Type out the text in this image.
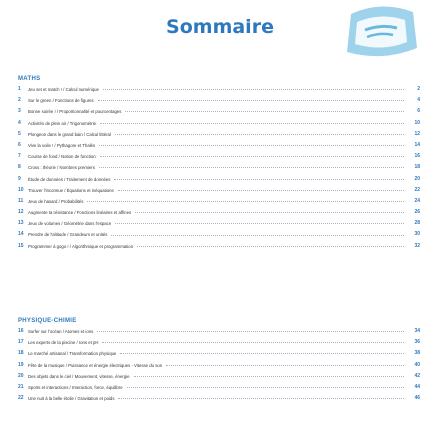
Sommaire
MATHS
1	Jeu set et match ! / Calcul numérique	2
2	Sur le green / Fonctions de figures	4
3	Bonne soirée ! / Proportionnalité et pourcentages	6
4	Activités de plein air / Trigonométrie	10
5	Plongeon dans le grand bain / Calcul littéral	12
6	Vive la voile ! / Pythagore et Thalès	14
7	Course de fond / Notion de fonction	16
8	Cross : théorie / Nombres premiers	18
9	Étude de données / Traitement de données	20
10	Trouver l'inconnue / Équations et inéquations	22
11	Jeux de hasard / Probabilités	24
12	Augmente ta résistance / Fonctions linéaires et affines	26
13	Jeux de volumes / Géométrie dans l'espace	28
14	Prendre de l'altitude / Grandeurs et unités	30
15	Programmer à gogo ! / Algorithmique et programmation	32
PHYSIQUE-CHIMIE
16	Surfer sur l'océan / Atomes et ions	34
17	Les experts de la piscine / Ions et pH	36
18	Le marché artisanal / Transformation physique	38
19	Fête de la musique / Puissance et énergie électriques · Vitesse du son	40
20	Des objets dans le ciel / Mouvement, vitesse, énergie	42
21	Sports et interactions / Interaction, force, équilibre	44
22	Une nuit à la belle étoile / Gravitation et poids	46
